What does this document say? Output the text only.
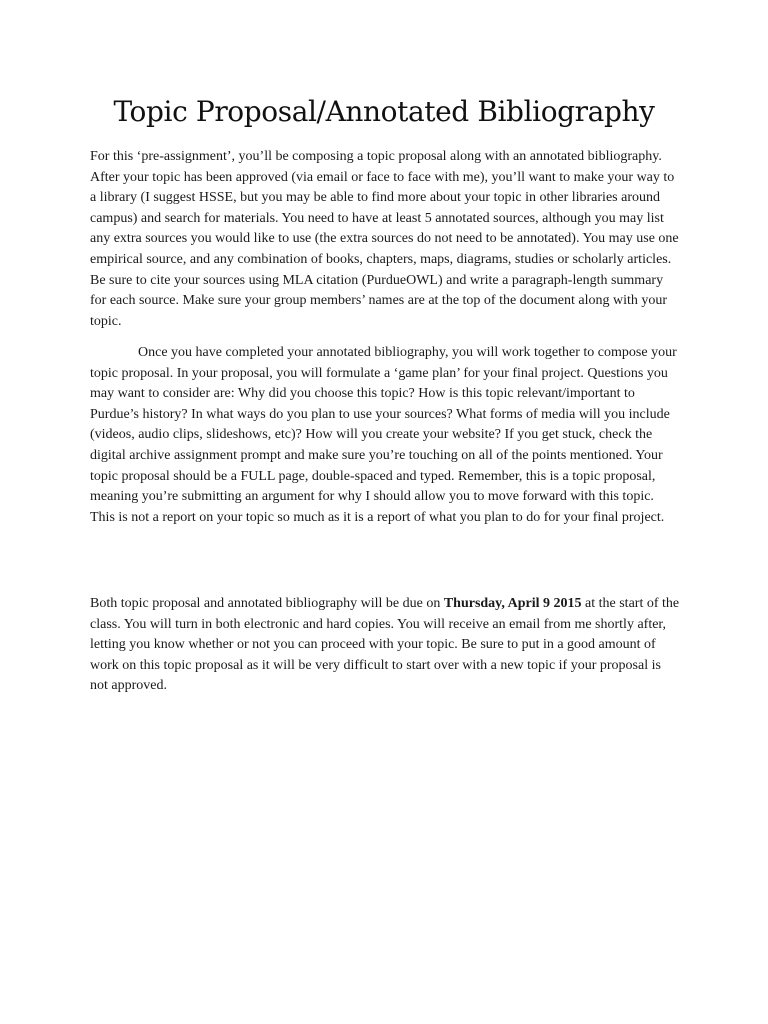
Topic Proposal/Annotated Bibliography

For this ‘pre-assignment’, you’ll be composing a topic proposal along with an annotated bibliography. After your topic has been approved (via email or face to face with me), you’ll want to make your way to a library (I suggest HSSE, but you may be able to find more about your topic in other libraries around campus) and search for materials. You need to have at least 5 annotated sources, although you may list any extra sources you would like to use (the extra sources do not need to be annotated). You may use one empirical source, and any combination of books, chapters, maps, diagrams, studies or scholarly articles. Be sure to cite your sources using MLA citation (PurdueOWL) and write a paragraph-length summary for each source. Make sure your group members’ names are at the top of the document along with your topic.

Once you have completed your annotated bibliography, you will work together to compose your topic proposal. In your proposal, you will formulate a ‘game plan’ for your final project. Questions you may want to consider are: Why did you choose this topic? How is this topic relevant/important to Purdue’s history? In what ways do you plan to use your sources? What forms of media will you include (videos, audio clips, slideshows, etc)? How will you create your website? If you get stuck, check the digital archive assignment prompt and make sure you’re touching on all of the points mentioned. Your topic proposal should be a FULL page, double-spaced and typed. Remember, this is a topic proposal, meaning you’re submitting an argument for why I should allow you to move forward with this topic. This is not a report on your topic so much as it is a report of what you plan to do for your final project.

Both topic proposal and annotated bibliography will be due on Thursday, April 9 2015 at the start of the class. You will turn in both electronic and hard copies. You will receive an email from me shortly after, letting you know whether or not you can proceed with your topic. Be sure to put in a good amount of work on this topic proposal as it will be very difficult to start over with a new topic if your proposal is not approved.
